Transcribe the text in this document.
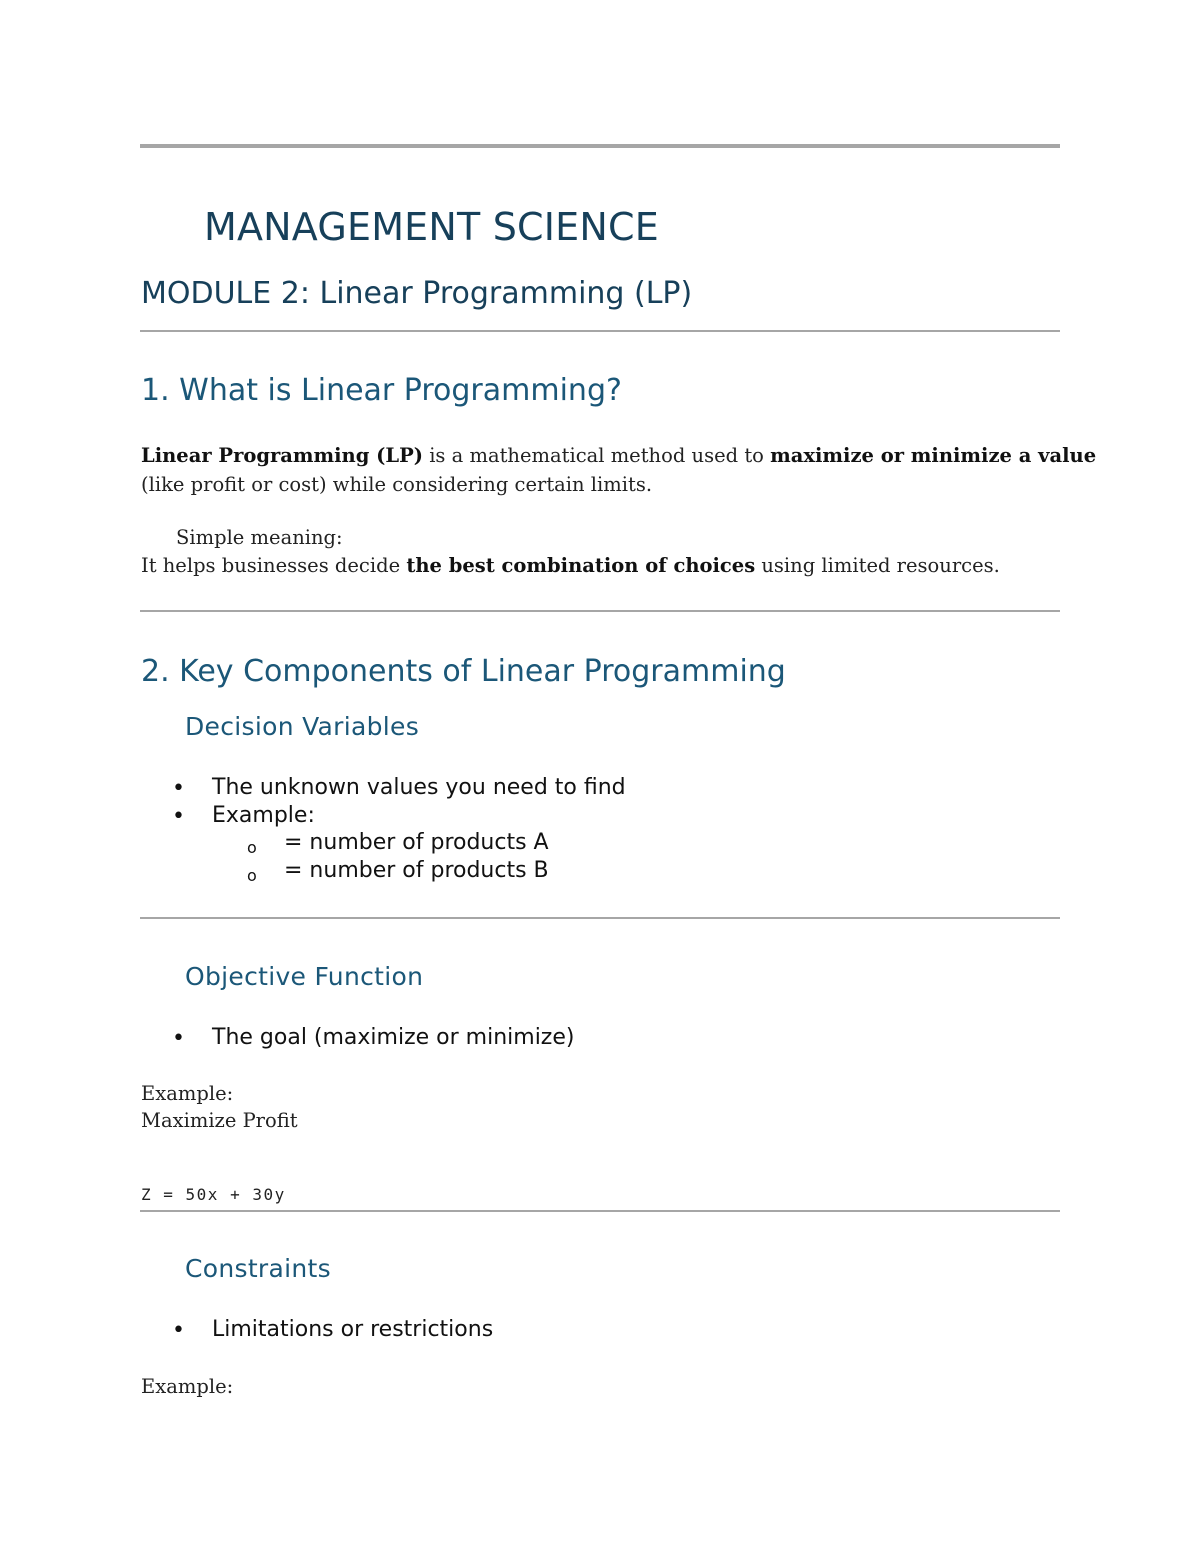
MANAGEMENT SCIENCE
MODULE 2: Linear Programming (LP)
1. What is Linear Programming?
Linear Programming (LP) is a mathematical method used to maximize or minimize a value
(like profit or cost) while considering certain limits.
Simple meaning:
It helps businesses decide the best combination of choices using limited resources.
2. Key Components of Linear Programming
Decision Variables
• The unknown values you need to find
• Example:
o = number of products A
o = number of products B
Objective Function
• The goal (maximize or minimize)
Example:
Maximize Profit
Z = 50x + 30y
Constraints
• Limitations or restrictions
Example:
